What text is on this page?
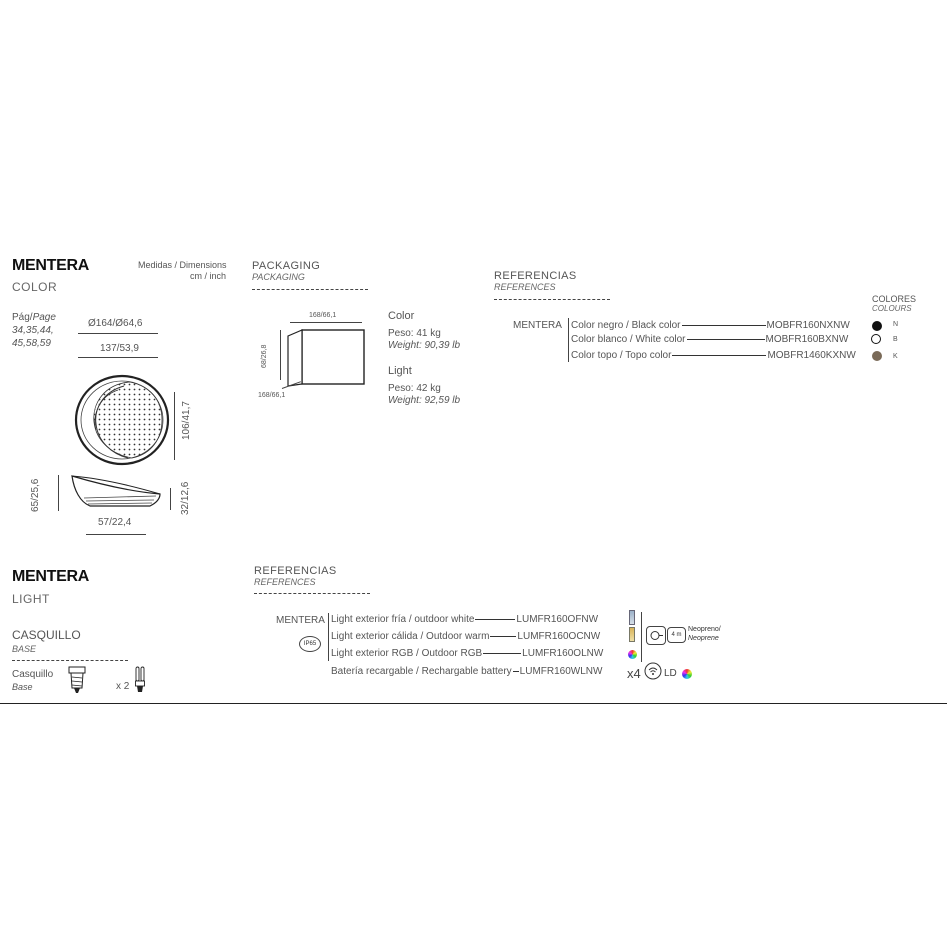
MENTERA
COLOR
Medidas / Dimensions
cm / inch
Pág/Page
34,35,44,
45,58,59
Ø164/Ø64,6
137/53,9
106/41,7
65/25,6	32/12,6
57/22,4
PACKAGING
PACKAGING
168/66,1
68/26,8
168/66,1
Color
Peso: 41 kg
Weight: 90,39 lb
Light
Peso: 42 kg
Weight: 92,59 lb
REFERENCIAS
REFERENCES
COLORES
COLOURS
MENTERA Color negro / Black color	MOBFR160NXNW	N
Color blanco / White color	MOBFR160BXNW	B
Color topo / Topo color	MOBFR1460KXNW	K
MENTERA
LIGHT
CASQUILLO
BASE
Casquillo
Base	x 2
REFERENCIAS
REFERENCES
MENTERA
IP65
Light exterior fría / outdoor white	LUMFR160OFNW
Light exterior cálida / Outdoor warm	LUMFR160OCNW
Light exterior RGB / Outdoor RGB	LUMFR160OLNW
Batería recargable / Rechargable battery LUMFR160WLNW
4 m
Neopreno/
Neoprene
x4 LD
